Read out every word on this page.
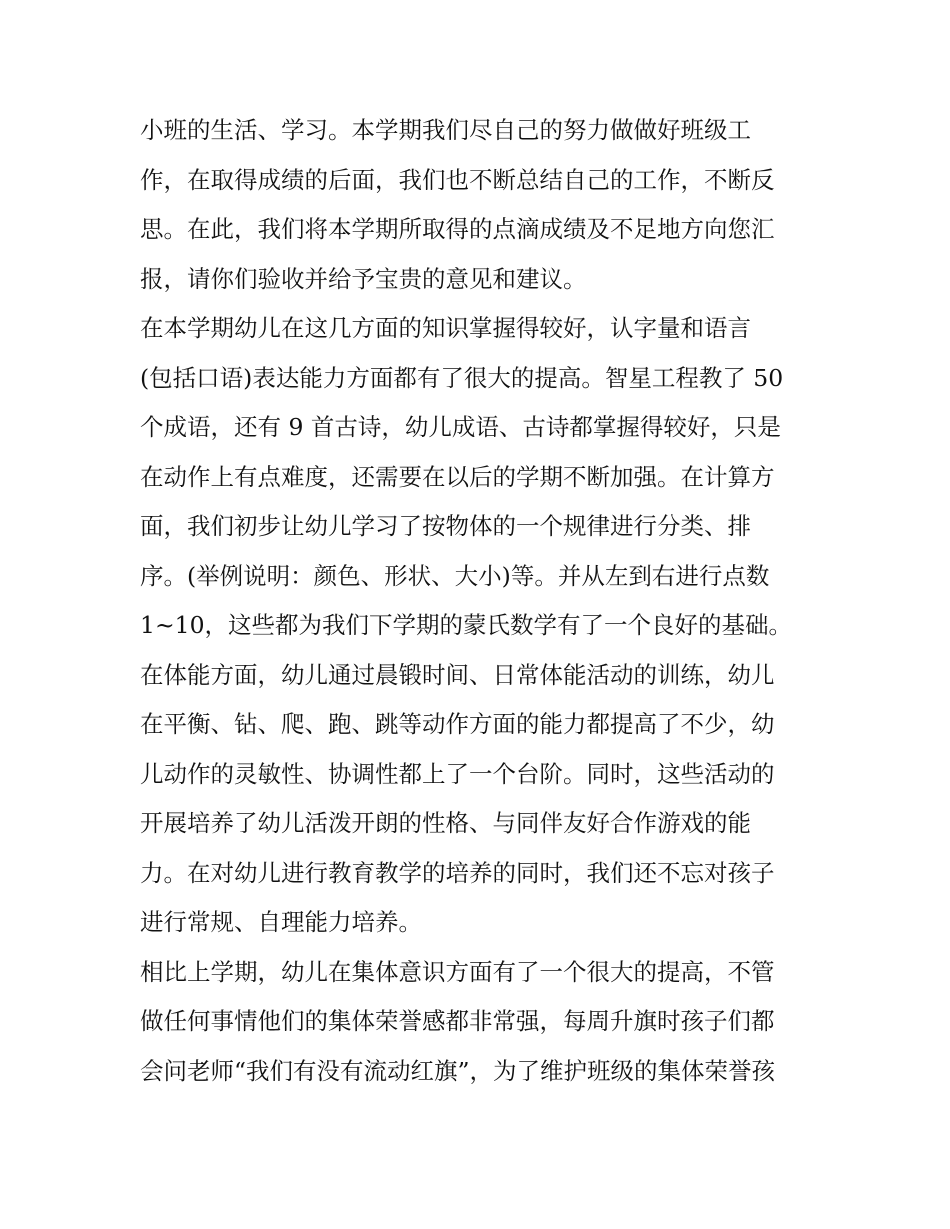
小班的生活、学习。本学期我们尽自己的努力做做好班级工
作，在取得成绩的后面，我们也不断总结自己的工作，不断反
思。在此，我们将本学期所取得的点滴成绩及不足地方向您汇
报，请你们验收并给予宝贵的意见和建议。
在本学期幼儿在这几方面的知识掌握得较好，认字量和语言
(包括口语)表达能力方面都有了很大的提高。智星工程教了 50
个成语，还有 9 首古诗，幼儿成语、古诗都掌握得较好，只是
在动作上有点难度，还需要在以后的学期不断加强。在计算方
面，我们初步让幼儿学习了按物体的一个规律进行分类、排
序。(举例说明：颜色、形状、大小)等。并从左到右进行点数
1~10，这些都为我们下学期的蒙氏数学有了一个良好的基础。
在体能方面，幼儿通过晨锻时间、日常体能活动的训练，幼儿
在平衡、钻、爬、跑、跳等动作方面的能力都提高了不少，幼
儿动作的灵敏性、协调性都上了一个台阶。同时，这些活动的
开展培养了幼儿活泼开朗的性格、与同伴友好合作游戏的能
力。在对幼儿进行教育教学的培养的同时，我们还不忘对孩子
进行常规、自理能力培养。
相比上学期，幼儿在集体意识方面有了一个很大的提高，不管
做任何事情他们的集体荣誉感都非常强，每周升旗时孩子们都
会问老师“我们有没有流动红旗”，为了维护班级的集体荣誉孩
